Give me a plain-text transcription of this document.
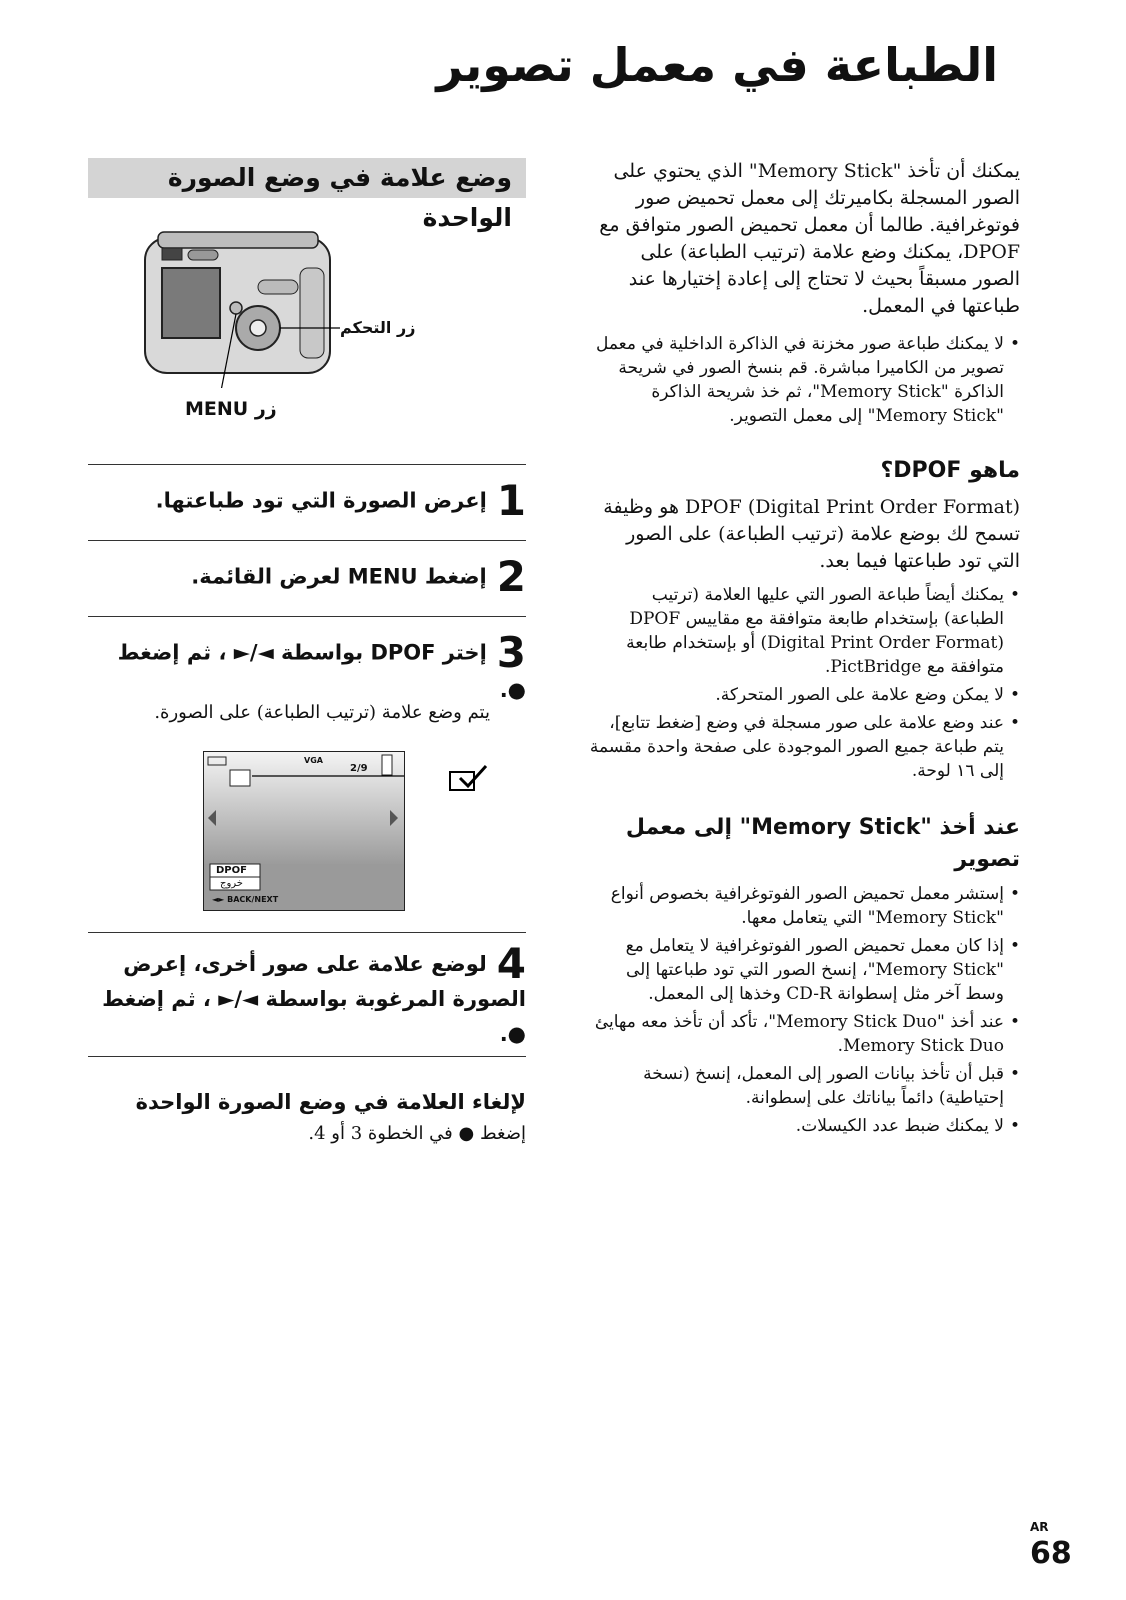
الطباعة في معمل تصوير
وضع علامة في وضع الصورة الواحدة
زر التحكم
زر MENU
1إعرض الصورة التي تود طباعتها.
2إضغط MENU لعرض القائمة.
3إختر DPOF بواسطة ◄/► ، ثم إضغط ●.
يتم وضع علامة (ترتيب الطباعة) على الصورة.
VGA
2/9
DPOF
خروج
◄► BACK/NEXT
4لوضع علامة على صور أخرى، إعرض الصورة المرغوبة بواسطة ◄/► ، ثم إضغط ●.
لإلغاء العلامة في وضع الصورة الواحدة
إضغط ● في الخطوة 3 أو 4.
يمكنك أن تأخذ "Memory Stick" الذي يحتوي على الصور المسجلة بكاميرتك إلى معمل تحميض صور فوتوغرافية. طالما أن معمل تحميض الصور متوافق مع DPOF، يمكنك وضع علامة (ترتيب الطباعة) على الصور مسبقاً بحيث لا تحتاج إلى إعادة إختيارها عند طباعتها في المعمل.
• لا يمكنك طباعة صور مخزنة في الذاكرة الداخلية في معمل تصوير من الكاميرا مباشرة. قم بنسخ الصور في شريحة الذاكرة "Memory Stick"، ثم خذ شريحة الذاكرة "Memory Stick" إلى معمل التصوير.
ماهو DPOF؟
DPOF (Digital Print Order Format) هو وظيفة تسمح لك بوضع علامة (ترتيب الطباعة) على الصور التي تود طباعتها فيما بعد.
• يمكنك أيضاً طباعة الصور التي عليها العلامة (ترتيب الطباعة) بإستخدام طابعة متوافقة مع مقاييس DPOF (Digital Print Order Format) أو بإستخدام طابعة متوافقة مع PictBridge.
• لا يمكن وضع علامة على الصور المتحركة.
• عند وضع علامة على صور مسجلة في وضع [ضغط تتابع]، يتم طباعة جميع الصور الموجودة على صفحة واحدة مقسمة إلى ١٦ لوحة.
عند أخذ "Memory Stick" إلى معمل تصوير
• إستشر معمل تحميض الصور الفوتوغرافية بخصوص أنواع "Memory Stick" التي يتعامل معها.
• إذا كان معمل تحميض الصور الفوتوغرافية لا يتعامل مع "Memory Stick"، إنسخ الصور التي تود طباعتها إلى وسط آخر مثل إسطوانة CD-R وخذها إلى المعمل.
• عند أخذ "Memory Stick Duo"، تأكد أن تأخذ معه مهايئ Memory Stick Duo.
• قبل أن تأخذ بيانات الصور إلى المعمل، إنسخ (نسخة إحتياطية) دائماً بياناتك على إسطوانة.
• لا يمكنك ضبط عدد الكيسلات.
AR
68
